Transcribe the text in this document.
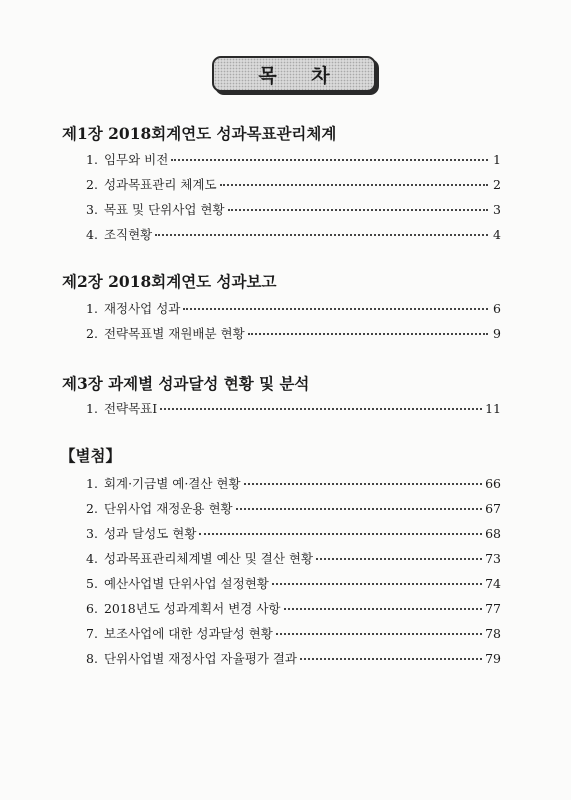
목 차
제1장 2018회계연도 성과목표관리체계
1. 임무와 비전	1
2. 성과목표관리 체계도	2
3. 목표 및 단위사업 현황	3
4. 조직현황	4
제2장 2018회계연도 성과보고
1. 재정사업 성과	6
2. 전략목표별 재원배분 현황	9
제3장 과제별 성과달성 현황 및 분석
1. 전략목표Ⅰ	11
【별첨】
1. 회계·기금별 예·결산 현황	66
2. 단위사업 재정운용 현황	67
3. 성과 달성도 현황	68
4. 성과목표관리체계별 예산 및 결산 현황	73
5. 예산사업별 단위사업 설정현황	74
6. 2018년도 성과계획서 변경 사항	77
7. 보조사업에 대한 성과달성 현황	78
8. 단위사업별 재정사업 자율평가 결과	79
